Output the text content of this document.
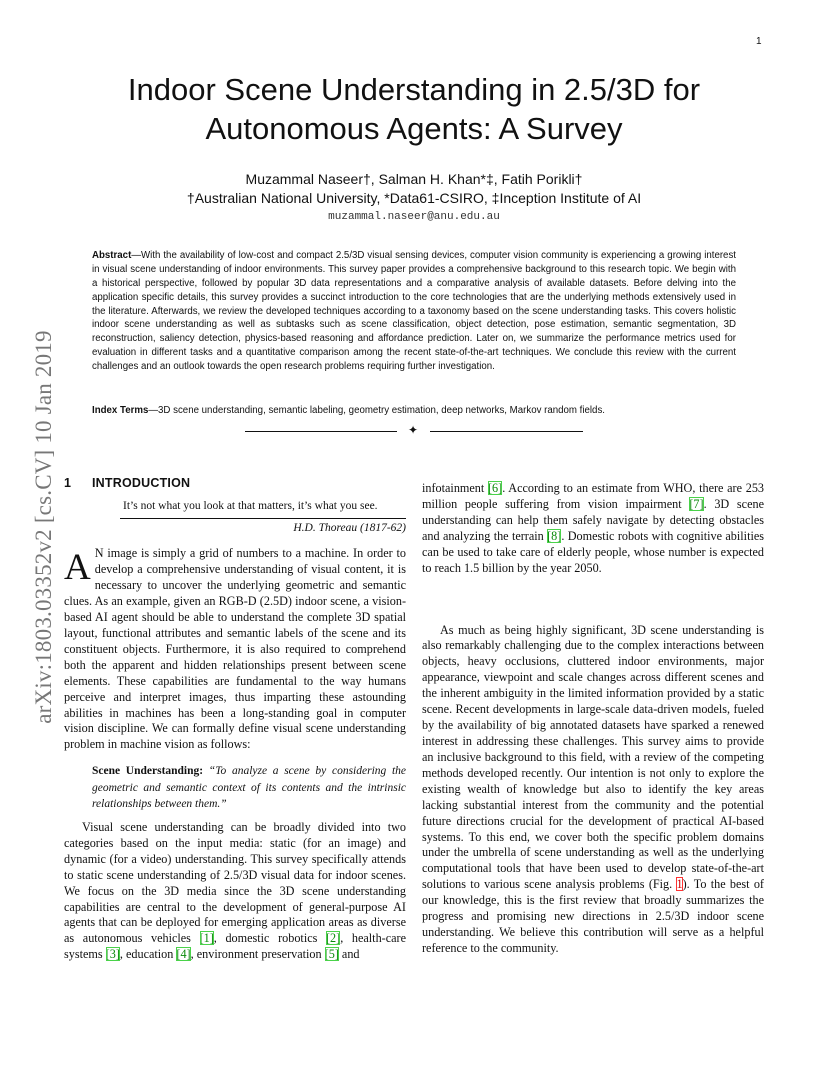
1
Indoor Scene Understanding in 2.5/3D for
Autonomous Agents: A Survey
Muzammal Naseer†, Salman H. Khan*‡, Fatih Porikli†
†Australian National University, *Data61-CSIRO, ‡Inception Institute of AI
muzammal.naseer@anu.edu.au
Abstract—With the availability of low-cost and compact 2.5/3D visual sensing devices, computer vision community is experiencing a growing interest in visual scene understanding of indoor environments. This survey paper provides a comprehensive background to this research topic. We begin with a historical perspective, followed by popular 3D data representations and a comparative analysis of available datasets. Before delving into the application specific details, this survey provides a succinct introduction to the core technologies that are the underlying methods extensively used in the literature. Afterwards, we review the developed techniques according to a taxonomy based on the scene understanding tasks. This covers holistic indoor scene understanding as well as subtasks such as scene classification, object detection, pose estimation, semantic segmentation, 3D reconstruction, saliency detection, physics-based reasoning and affordance prediction. Later on, we summarize the performance metrics used for evaluation in different tasks and a quantitative comparison among the recent state-of-the-art techniques. We conclude this review with the current challenges and an outlook towards the open research problems requiring further investigation.
Index Terms—3D scene understanding, semantic labeling, geometry estimation, deep networks, Markov random fields.
✦
arXiv:1803.03352v2 [cs.CV] 10 Jan 2019 1 INTRODUCTION
It’s not what you look at that matters, it’s what you see.
H.D. Thoreau (1817-62)

A N image is simply a grid of numbers to a machine. In order to develop a comprehensive understanding of visual content, it is necessary to uncover the underlying geometric and semantic clues. As an example, given an RGB-D (2.5D) indoor scene, a vision-based AI agent should be able to understand the complete 3D spatial layout, functional attributes and semantic labels of the scene and its constituent objects. Furthermore, it is also required to comprehend both the apparent and hidden relationships present between scene elements. These capabilities are fundamental to the way humans perceive and interpret images, thus imparting these astounding abilities in machines has been a long-standing goal in computer vision discipline. We can formally define visual scene understanding problem in machine vision as follows:

Scene Understanding: “To analyze a scene by considering the geometric and semantic context of its contents and the intrinsic relationships between them.”

Visual scene understanding can be broadly divided into two categories based on the input media: static (for an image) and dynamic (for a video) understanding. This survey specifically attends to static scene understanding of 2.5/3D visual data for indoor scenes. We focus on the 3D media since the 3D scene understanding capabilities are central to the development of general-purpose AI agents that can be deployed for emerging application areas as diverse as autonomous vehicles [1], domestic robotics [2], health-care systems [3], education [4], environment preservation [5] and

infotainment [6]. According to an estimate from WHO, there are 253 million people suffering from vision impairment [7]. 3D scene understanding can help them safely navigate by detecting obstacles and analyzing the terrain [8]. Domestic robots with cognitive abilities can be used to take care of elderly people, whose number is expected to reach 1.5 billion by the year 2050.

As much as being highly significant, 3D scene understanding is also remarkably challenging due to the complex interactions between objects, heavy occlusions, cluttered indoor environments, major appearance, viewpoint and scale changes across different scenes and the inherent ambiguity in the limited information provided by a static scene. Recent developments in large-scale data-driven models, fueled by the availability of big annotated datasets have sparked a renewed interest in addressing these challenges. This survey aims to provide an inclusive background to this field, with a review of the competing methods developed recently. Our intention is not only to explore the existing wealth of knowledge but also to identify the key areas lacking substantial interest from the community and the potential future directions crucial for the development of practical AI-based systems. To this end, we cover both the specific problem domains under the umbrella of scene understanding as well as the underlying computational tools that have been used to develop state-of-the-art solutions to various scene analysis problems (Fig. 1). To the best of our knowledge, this is the first review that broadly summarizes the progress and promising new directions in 2.5/3D indoor scene understanding. We believe this contribution will serve as a helpful reference to the community.
